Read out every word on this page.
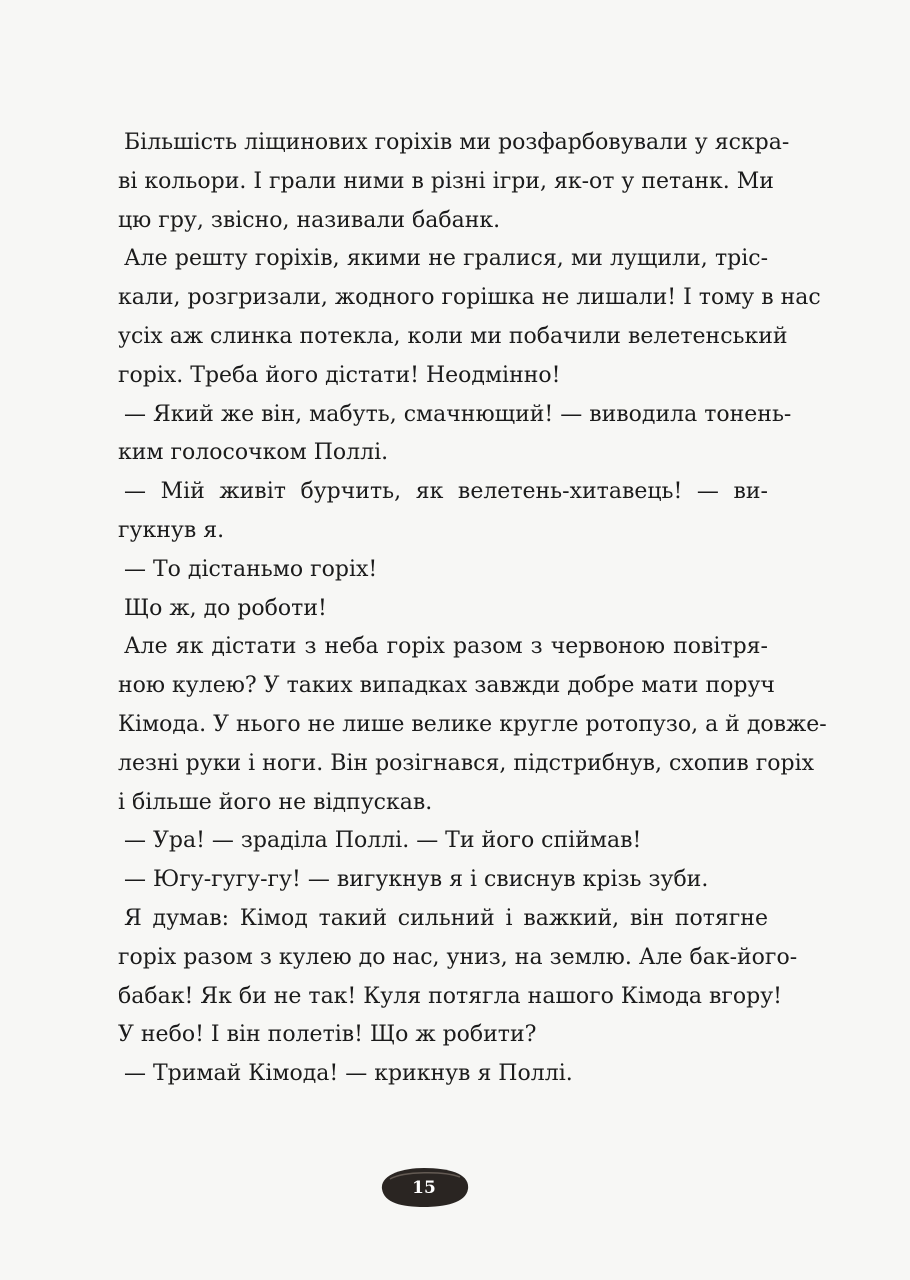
Більшість ліщинових горіхів ми розфарбовували у яскра-

ві кольори. І грали ними в різні ігри, як-от у петанк. Ми

цю гру, звісно, називали бабанк.

Але решту горіхів, якими не гралися, ми лущили, тріс-

кали, розгризали, жодного горішка не лишали! І тому в нас

усіх аж слинка потекла, коли ми побачили велетенський

горіх. Треба його дістати! Неодмінно!

— Який же він, мабуть, смачнющий! — виводила тонень-

ким голосочком Поллі.

— Мій живіт бурчить, як велетень-хитавець! — ви-

гукнув я.

— То дістаньмо горіх!

Що ж, до роботи!

Але як дістати з неба горіх разом з червоною повітря-

ною кулею? У таких випадках завжди добре мати поруч

Кімода. У нього не лише велике кругле ротопузо, а й довже-

лезні руки і ноги. Він розігнався, підстрибнув, схопив горіх

і більше його не відпускав.

— Ура! — зраділа Поллі. — Ти його спіймав!

— Югу-гугу-гу! — вигукнув я і свиснув крізь зуби.

Я думав: Кімод такий сильний і важкий, він потягне

горіх разом з кулею до нас, униз, на землю. Але бак-його-

бабак! Як би не так! Куля потягла нашого Кімода вгору!

У небо! І він полетів! Що ж робити?

— Тримай Кімода! — крикнув я Поллі.

15
